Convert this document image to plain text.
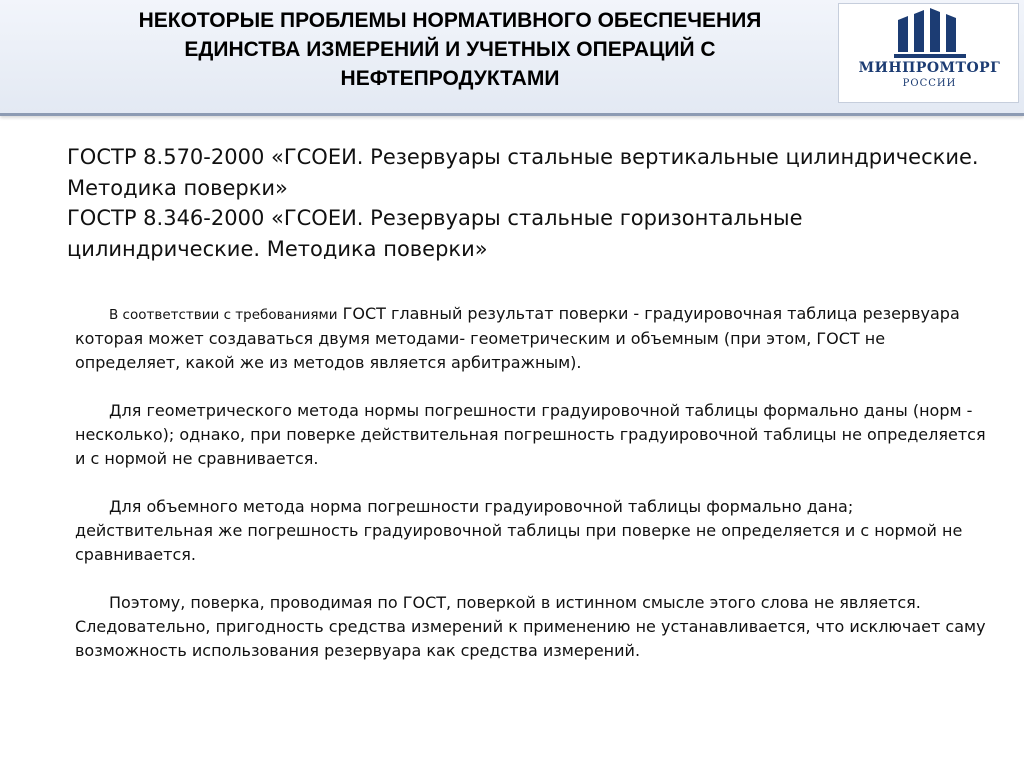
НЕКОТОРЫЕ ПРОБЛЕМЫ НОРМАТИВНОГО ОБЕСПЕЧЕНИЯ
ЕДИНСТВА ИЗМЕРЕНИЙ И УЧЕТНЫХ ОПЕРАЦИЙ С
НЕФТЕПРОДУКТАМИ	МИНПРОМТОРГ
РОССИИ

ГОСТР 8.570-2000 «ГСОЕИ. Резервуары стальные вертикальные цилиндрические. Методика поверки»

ГОСТР 8.346-2000 «ГСОЕИ. Резервуары стальные горизонтальные цилиндрические. Методика поверки»

В соответствии с требованиями ГОСТ главный результат поверки - градуировочная таблица резервуара которая может создаваться двумя методами- геометрическим и объемным (при этом, ГОСТ не определяет, какой же из методов является арбитражным).

Для геометрического метода нормы погрешности градуировочной таблицы формально даны (норм - несколько); однако, при поверке действительная погрешность градуировочной таблицы не определяется и с нормой не сравнивается.

Для объемного метода норма погрешности градуировочной таблицы формально дана; действительная же погрешность градуировочной таблицы при поверке не определяется и с нормой не сравнивается.

Поэтому, поверка, проводимая по ГОСТ, поверкой в истинном смысле этого слова не является. Следовательно, пригодность средства измерений к применению не устанавливается, что исключает саму возможность использования резервуара как средства измерений.
